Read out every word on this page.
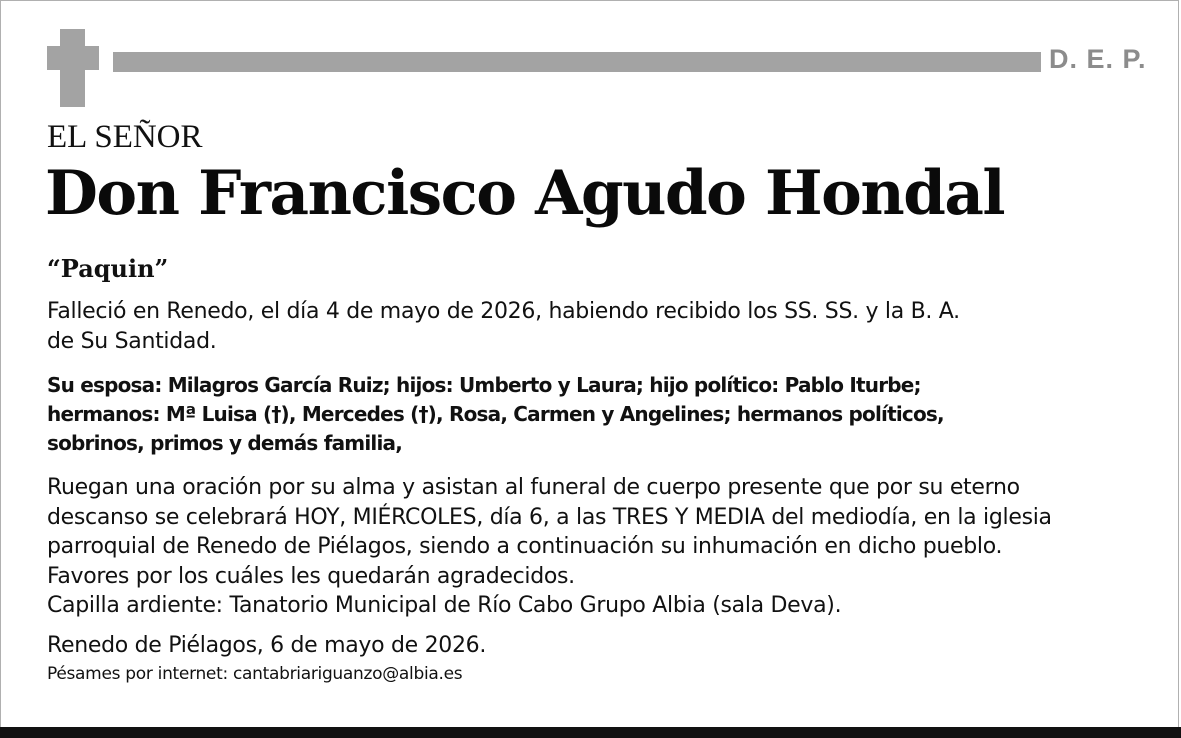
D. E. P.
EL SEÑOR
Don Francisco Agudo Hondal
“Paquin”
Falleció en Renedo, el día 4 de mayo de 2026, habiendo recibido los SS. SS. y la B. A.
de Su Santidad.
Su esposa: Milagros García Ruiz; hijos: Umberto y Laura; hijo político: Pablo Iturbe;
hermanos: Mª Luisa (†), Mercedes (†), Rosa, Carmen y Angelines; hermanos políticos,
sobrinos, primos y demás familia,
Ruegan una oración por su alma y asistan al funeral de cuerpo presente que por su eterno
descanso se celebrará HOY, MIÉRCOLES, día 6, a las TRES Y MEDIA del mediodía, en la iglesia
parroquial de Renedo de Piélagos, siendo a continuación su inhumación en dicho pueblo.
Favores por los cuáles les quedarán agradecidos.
Capilla ardiente: Tanatorio Municipal de Río Cabo Grupo Albia (sala Deva).
Renedo de Piélagos, 6 de mayo de 2026.
Pésames por internet: cantabriariguanzo@albia.es
